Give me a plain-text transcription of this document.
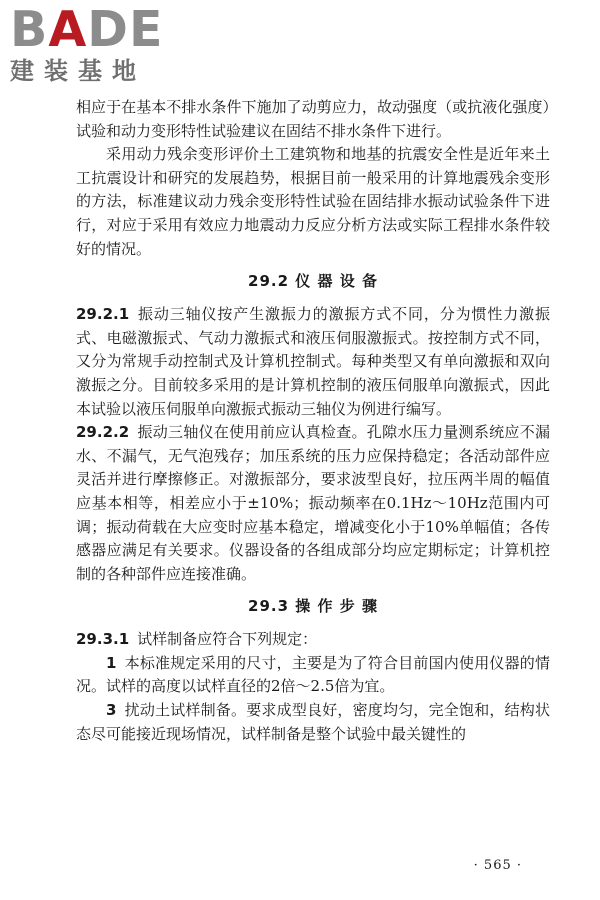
BADE
建装基地

相应于在基本不排水条件下施加了动剪应力，故动强度（或抗液化强度）试验和动力变形特性试验建议在固结不排水条件下进行。

采用动力残余变形评价土工建筑物和地基的抗震安全性是近年来土工抗震设计和研究的发展趋势，根据目前一般采用的计算地震残余变形的方法，标准建议动力残余变形特性试验在固结排水振动试验条件下进行，对应于采用有效应力地震动力反应分析方法或实际工程排水条件较好的情况。

29.2 仪 器 设 备

29.2.1 振动三轴仪按产生激振力的激振方式不同，分为惯性力激振式、电磁激振式、气动力激振式和液压伺服激振式。按控制方式不同，又分为常规手动控制式及计算机控制式。每种类型又有单向激振和双向激振之分。目前较多采用的是计算机控制的液压伺服单向激振式，因此本试验以液压伺服单向激振式振动三轴仪为例进行编写。

29.2.2 振动三轴仪在使用前应认真检查。孔隙水压力量测系统应不漏水、不漏气，无气泡残存；加压系统的压力应保持稳定；各活动部件应灵活并进行摩擦修正。对激振部分，要求波型良好，拉压两半周的幅值应基本相等，相差应小于±10%；振动频率在0.1Hz～10Hz范围内可调；振动荷载在大应变时应基本稳定，增减变化小于10%单幅值；各传感器应满足有关要求。仪器设备的各组成部分均应定期标定；计算机控制的各种部件应连接准确。

29.3 操 作 步 骤

29.3.1 试样制备应符合下列规定：

1 本标准规定采用的尺寸，主要是为了符合目前国内使用仪器的情况。试样的高度以试样直径的2倍～2.5倍为宜。

3 扰动土试样制备。要求成型良好，密度均匀，完全饱和，结构状态尽可能接近现场情况，试样制备是整个试验中最关键性的

· 565 ·
